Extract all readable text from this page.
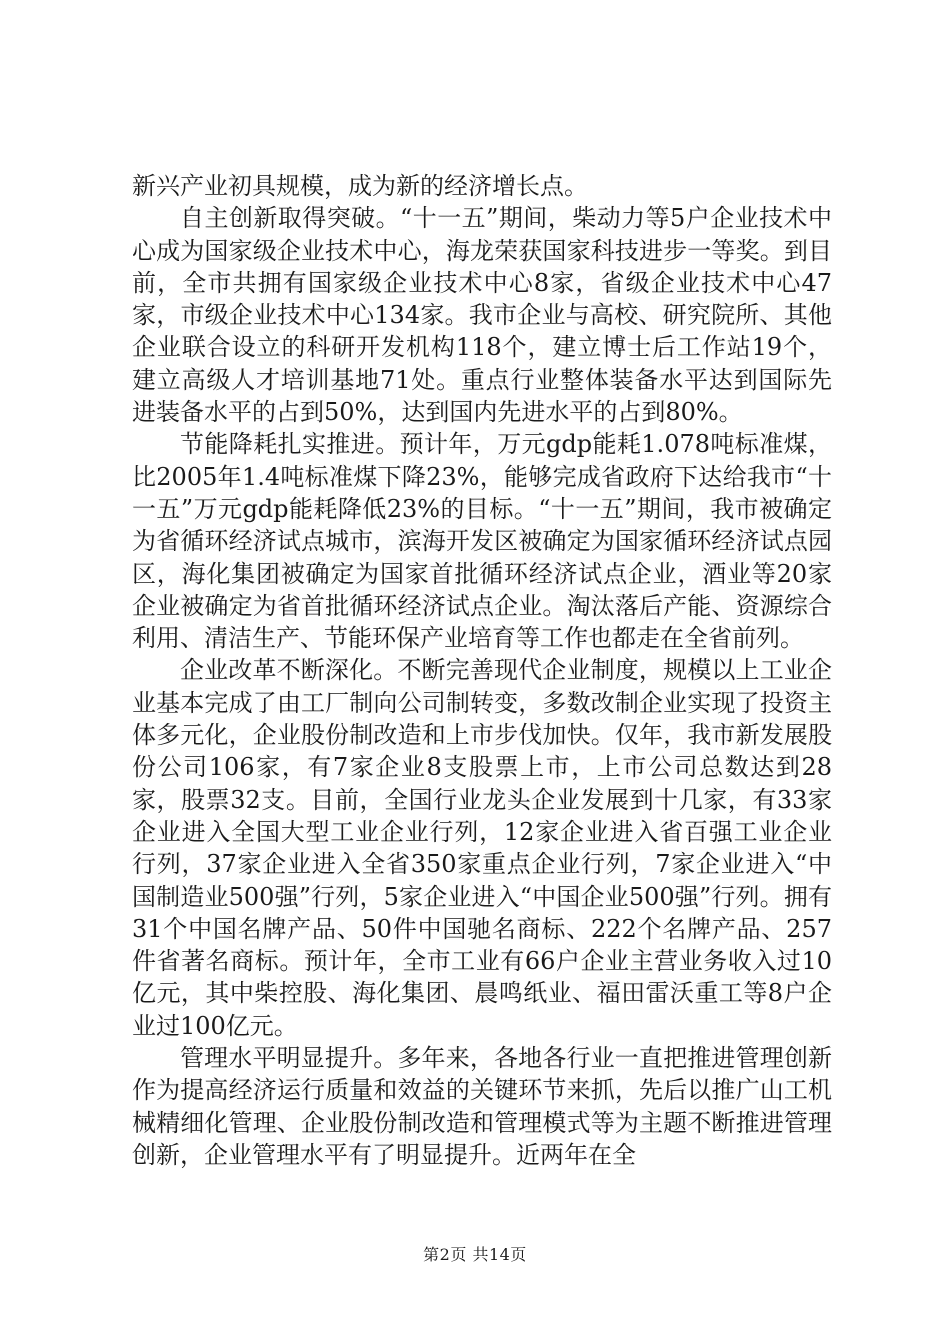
新兴产业初具规模，成为新的经济增长点。

自主创新取得突破。“十一五”期间，柴动力等5户企业技术中心成为国家级企业技术中心，海龙荣获国家科技进步一等奖。到目前，全市共拥有国家级企业技术中心8家，省级企业技术中心47家，市级企业技术中心134家。我市企业与高校、研究院所、其他企业联合设立的科研开发机构118个，建立博士后工作站19个，建立高级人才培训基地71处。重点行业整体装备水平达到国际先进装备水平的占到50%，达到国内先进水平的占到80%。

节能降耗扎实推进。预计年，万元gdp能耗1.078吨标准煤，比2005年1.4吨标准煤下降23%，能够完成省政府下达给我市“十一五”万元gdp能耗降低23%的目标。“十一五”期间，我市被确定为省循环经济试点城市，滨海开发区被确定为国家循环经济试点园区，海化集团被确定为国家首批循环经济试点企业，酒业等20家企业被确定为省首批循环经济试点企业。淘汰落后产能、资源综合利用、清洁生产、节能环保产业培育等工作也都走在全省前列。

企业改革不断深化。不断完善现代企业制度，规模以上工业企业基本完成了由工厂制向公司制转变，多数改制企业实现了投资主体多元化，企业股份制改造和上市步伐加快。仅年，我市新发展股份公司106家，有7家企业8支股票上市，上市公司总数达到28家，股票32支。目前，全国行业龙头企业发展到十几家，有33家企业进入全国大型工业企业行列，12家企业进入省百强工业企业行列，37家企业进入全省350家重点企业行列，7家企业进入“中国制造业500强”行列，5家企业进入“中国企业500强”行列。拥有31个中国名牌产品、50件中国驰名商标、222个名牌产品、257件省著名商标。预计年，全市工业有66户企业主营业务收入过10亿元，其中柴控股、海化集团、晨鸣纸业、福田雷沃重工等8户企业过100亿元。

管理水平明显提升。多年来，各地各行业一直把推进管理创新作为提高经济运行质量和效益的关键环节来抓，先后以推广山工机械精细化管理、企业股份制改造和管理模式等为主题不断推进管理创新，企业管理水平有了明显提升。近两年在全

第2页 共14页
